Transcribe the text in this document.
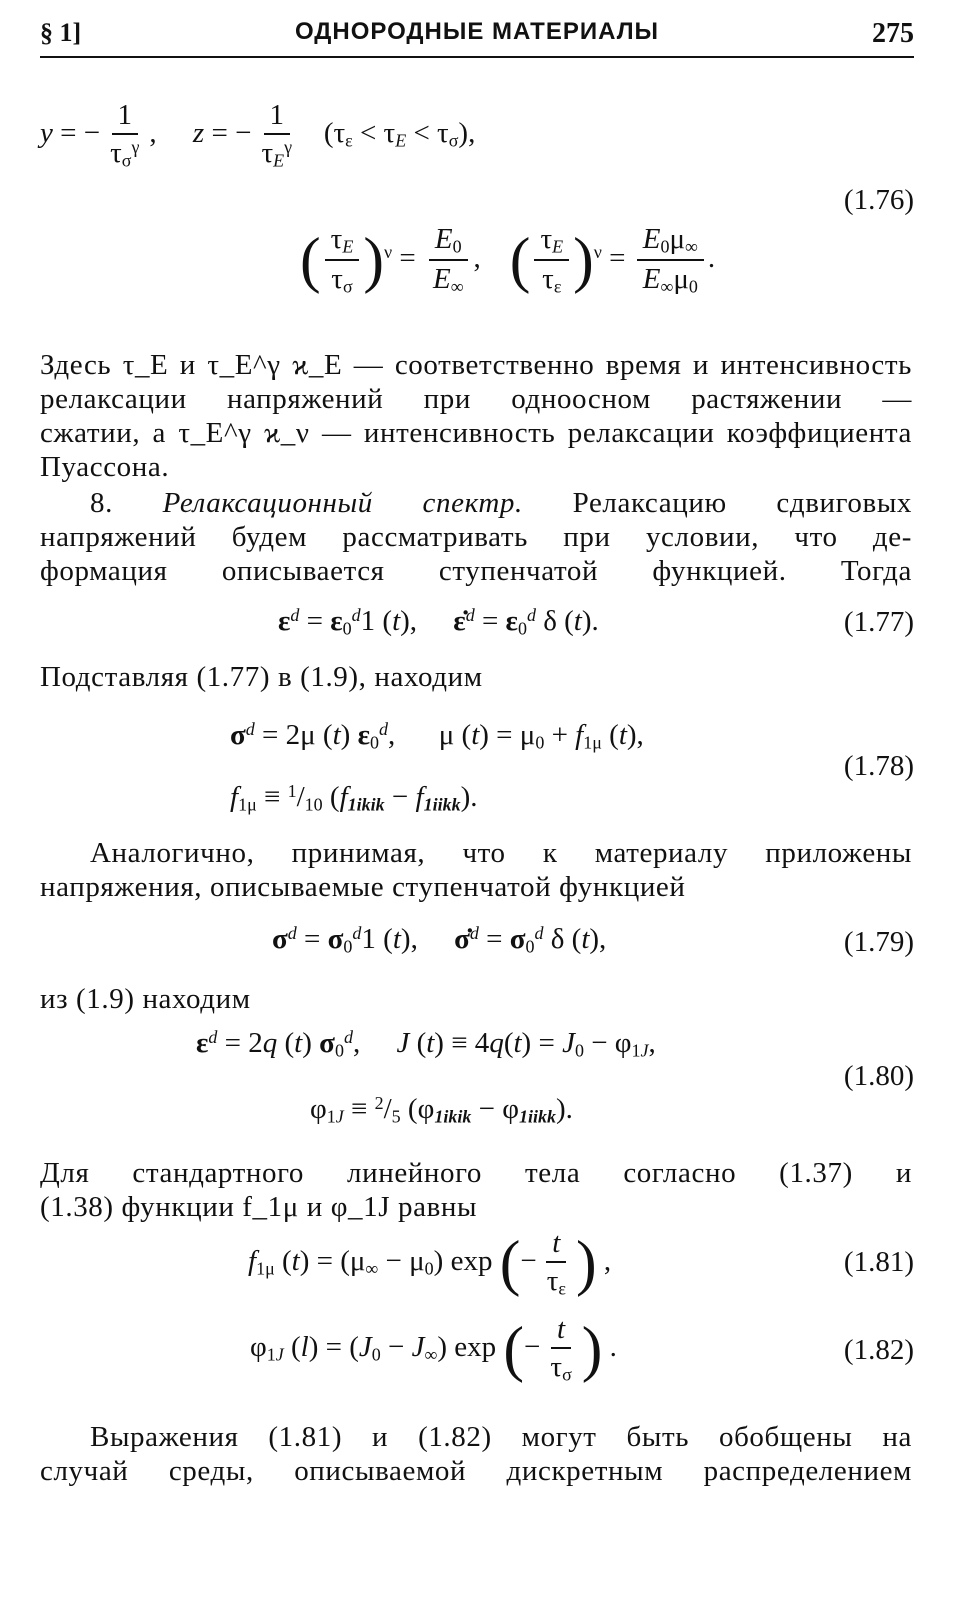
§ 1]	ОДНОРОДНЫЕ МАТЕРИАЛЫ	275
y = − $\frac{1}{\tau_\sigma^\gamma}$ ,     z = − $\frac{1}{\tau_E^\gamma} (\tau_\varepsilon < \tau_E < \tau_\sigma)$,
(1.76)
( $\frac{\tau_E}{\tau_\sigma} )^\nu = \frac{E_0}{E_\infty}$ ,    ( $\frac{\tau_E}{\tau_\varepsilon} )^\nu = \frac{E_0\mu_\infty}{E_\infty\mu_0}$ .
Здесь τ_E и τ_E^γ ϰ_E — соответственно время и интенсивность
релаксации напряжений при одноосном растяжении —
сжатии, а τ_E^γ ϰ_ν — интенсивность релаксации коэффициента
Пуассона.
8. Релаксационный спектр. Релаксацию сдвиговых
напряжений будем рассматривать при условии, что де-
формация описывается ступенчатой функцией. Тогда
$\varepsilon^d = \varepsilon_0^d1$ (t),     ε̇$^d$ = $\varepsilon_0^d$ δ (t).	(1.77)
Подставляя (1.77) в (1.9), находим
$\sigma^d = 2\mu$ (t) $\varepsilon_0^d$,      μ $(t) = \mu_0 + f_{1\mu}$ (t),
(1.78)
$f_{1\mu} \equiv ^1/_{10}$ $(f_{1ikik} - f_{1iikk})$.
Аналогично, принимая, что к материалу приложены
напряжения, описываемые ступенчатой функцией
$\sigma^d = \sigma_0^d1$ (t),     σ̇$^d$ = $\sigma_0^d$ δ (t),	(1.79)
из (1.9) находим
$\varepsilon^d = 2q$ (t) $\sigma_0^d$,     J $(t) \equiv 4q(t) = J_0 - \varphi_{1J}$,
(1.80)
$\varphi_{1J} \equiv ^2/_5$ $(\varphi_{1ikik} - \varphi_{1iikk})$.
Для стандартного линейного тела согласно (1.37) и
(1.38) функции f_1μ и φ_1J равны
$f_{1\mu}$ $(t) = (\mu_\infty - \mu_0)$ exp (− $\frac{t}{\tau_\varepsilon}$ ) ,	(1.81)
$\varphi_{1J}$ $(l) = (J_0 - J_\infty)$ exp (− $\frac{t}{\tau_\sigma}$ ) .	(1.82)
Выражения (1.81) и (1.82) могут быть обобщены на
случай среды, описываемой дискретным распределением
